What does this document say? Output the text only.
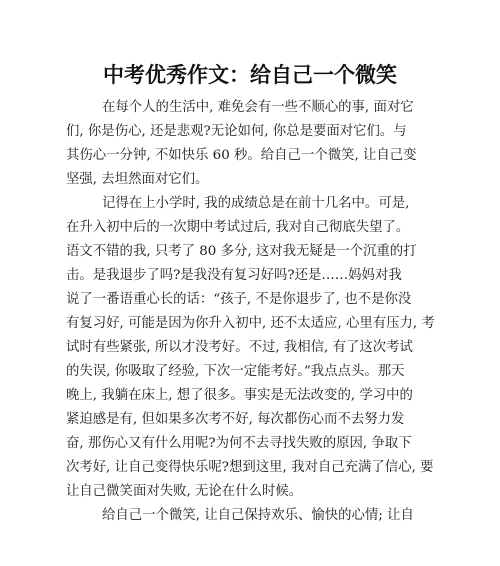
中考优秀作文：给自己一个微笑
在每个人的生活中, 难免会有一些不顺心的事, 面对它
们, 你是伤心, 还是悲观?无论如何, 你总是要面对它们。与
其伤心一分钟, 不如快乐 60 秒。给自己一个微笑, 让自己变
坚强, 去坦然面对它们。
记得在上小学时, 我的成绩总是在前十几名中。可是,
在升入初中后的一次期中考试过后, 我对自己彻底失望了。
语文不错的我, 只考了 80 多分, 这对我无疑是一个沉重的打
击。是我退步了吗?是我没有复习好吗?还是……妈妈对我
说了一番语重心长的话：“孩子, 不是你退步了, 也不是你没
有复习好, 可能是因为你升入初中, 还不太适应, 心里有压力, 考
试时有些紧张, 所以才没考好。不过, 我相信, 有了这次考试
的失误, 你吸取了经验, 下次一定能考好。”我点点头。那天
晚上, 我躺在床上, 想了很多。事实是无法改变的, 学习中的
紧迫感是有, 但如果多次考不好, 每次都伤心而不去努力发
奋, 那伤心又有什么用呢?为何不去寻找失败的原因, 争取下
次考好, 让自己变得快乐呢?想到这里, 我对自己充满了信心, 要
让自己微笑面对失败, 无论在什么时候。
给自己一个微笑, 让自己保持欢乐、愉快的心情; 让自
